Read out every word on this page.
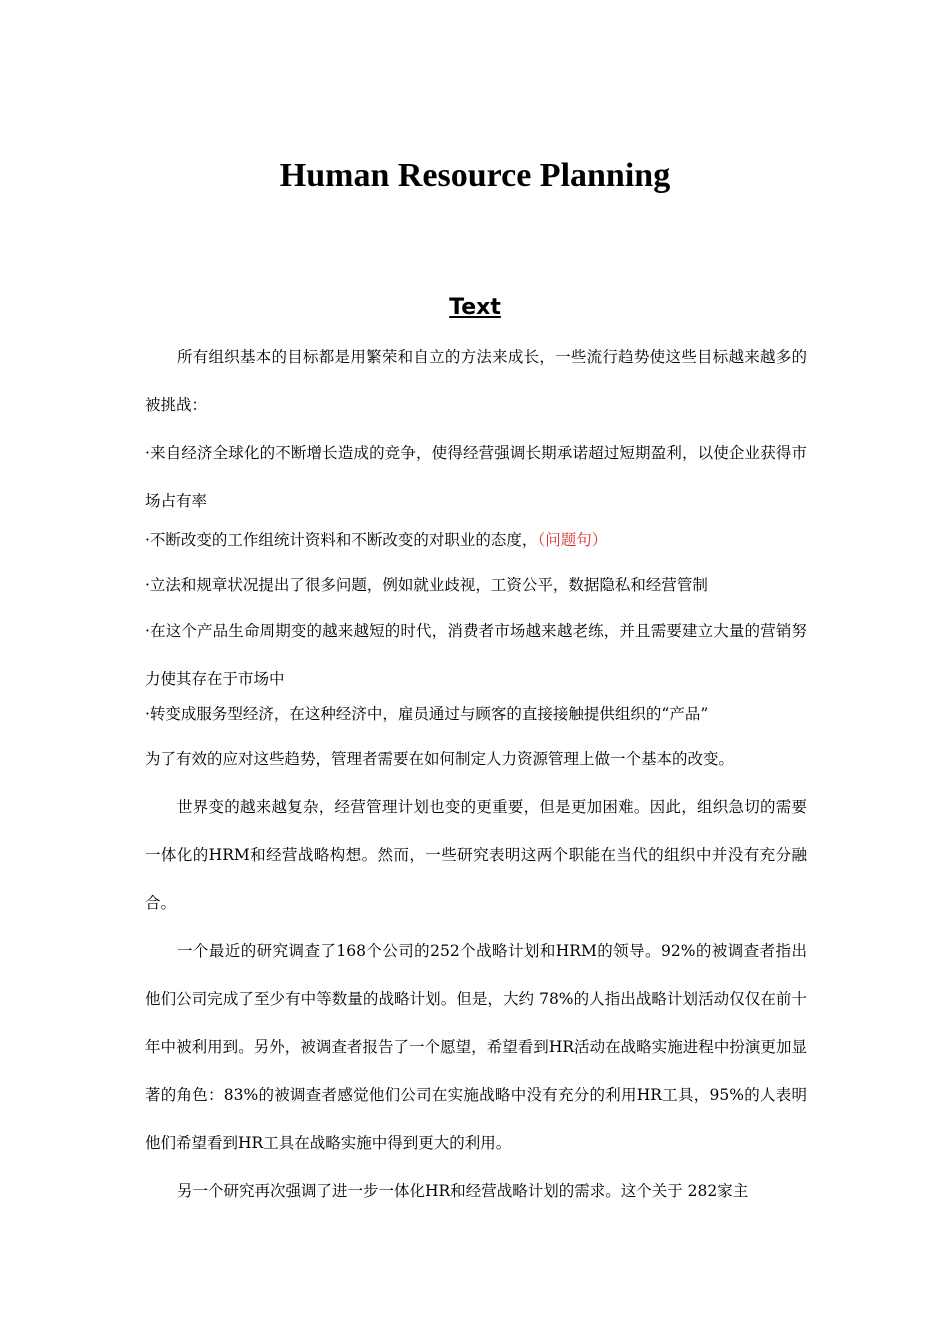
Human Resource Planning
Text

所有组织基本的目标都是用繁荣和自立的方法来成长，一些流行趋势使这些目标越来越多的被挑战：

·来自经济全球化的不断增长造成的竞争，使得经营强调长期承诺超过短期盈利，以使企业获得市场占有率

·不断改变的工作组统计资料和不断改变的对职业的态度，（问题句）

·立法和规章状况提出了很多问题，例如就业歧视，工资公平，数据隐私和经营管制

·在这个产品生命周期变的越来越短的时代，消费者市场越来越老练，并且需要建立大量的营销努力使其存在于市场中

·转变成服务型经济，在这种经济中，雇员通过与顾客的直接接触提供组织的“产品”

为了有效的应对这些趋势，管理者需要在如何制定人力资源管理上做一个基本的改变。

世界变的越来越复杂，经营管理计划也变的更重要，但是更加困难。因此，组织急切的需要一体化的HRM和经营战略构想。然而，一些研究表明这两个职能在当代的组织中并没有充分融合。

一个最近的研究调查了168个公司的252个战略计划和HRM的领导。92%的被调查者指出他们公司完成了至少有中等数量的战略计划。但是，大约 78%的人指出战略计划活动仅仅在前十年中被利用到。另外，被调查者报告了一个愿望，希望看到HR活动在战略实施进程中扮演更加显著的角色：83%的被调查者感觉他们公司在实施战略中没有充分的利用HR工具，95%的人表明他们希望看到HR工具在战略实施中得到更大的利用。

另一个研究再次强调了进一步一体化HR和经营战略计划的需求。这个关于 282家主
